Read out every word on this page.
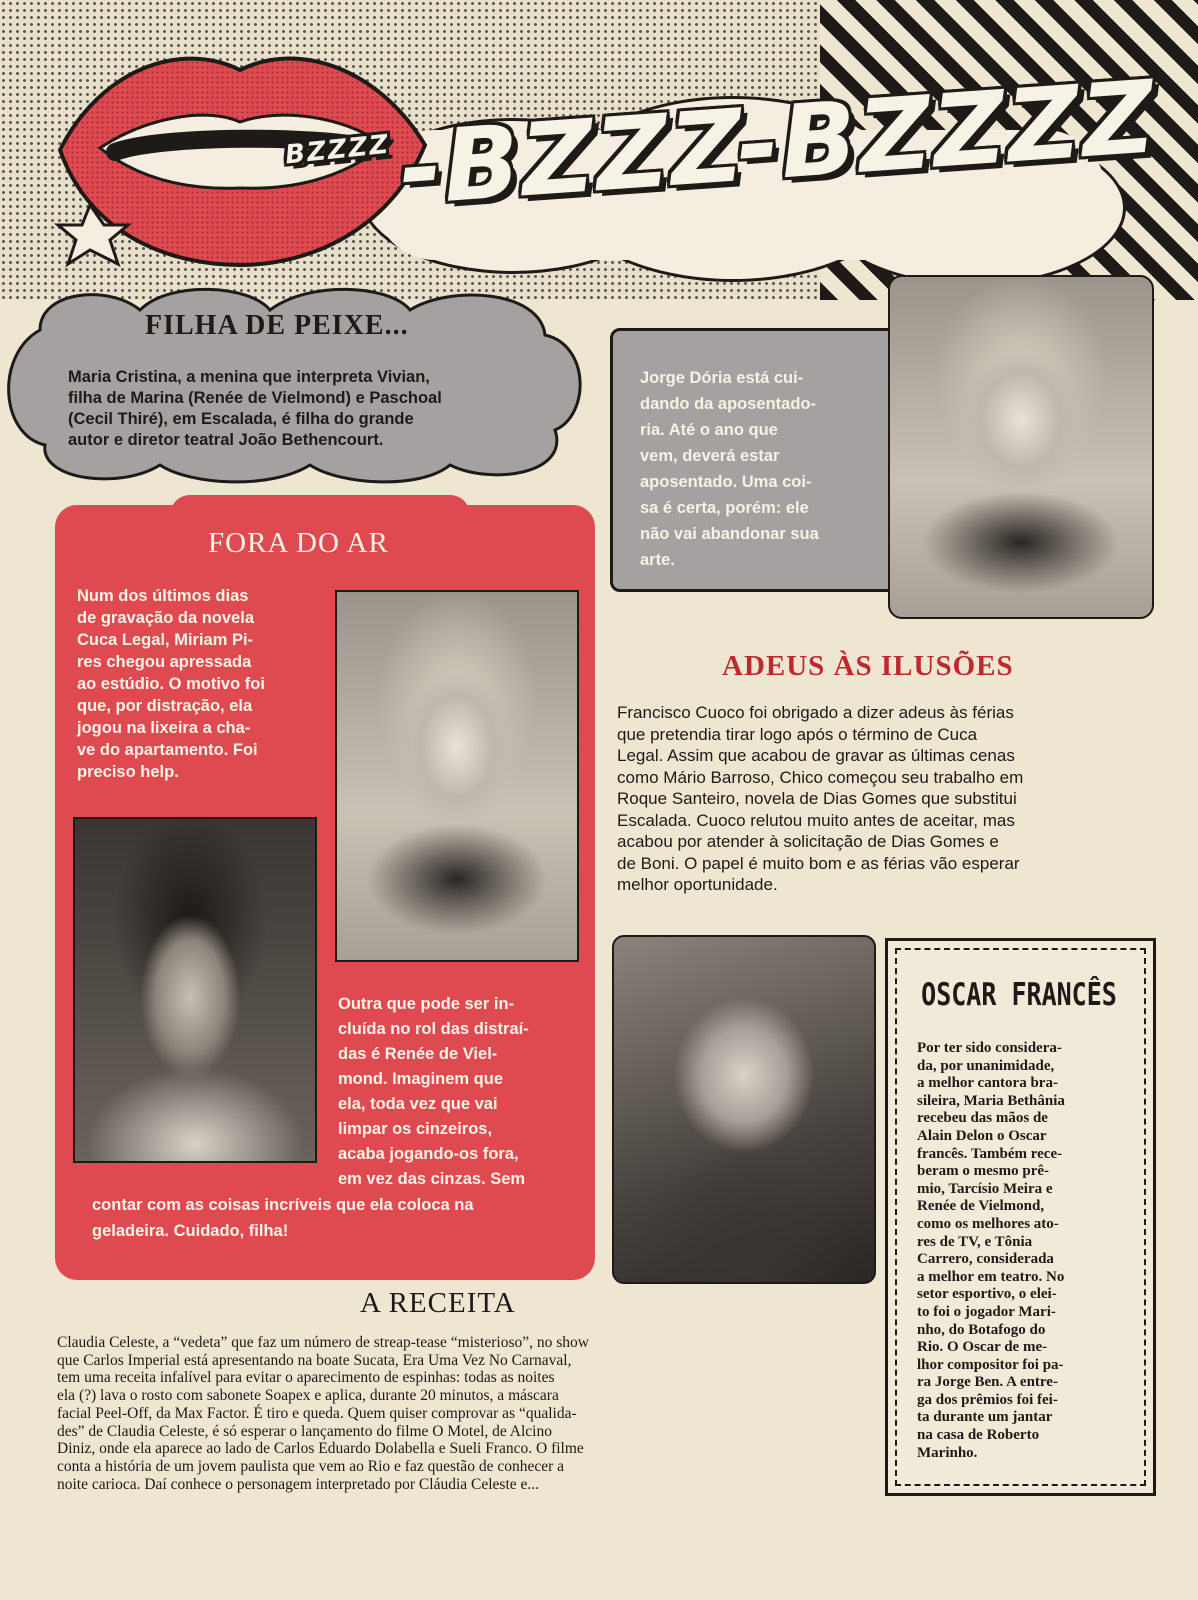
BZZZZ -BZZZ-BZZZZ
FILHA DE PEIXE...
Maria Cristina, a menina que interpreta Vivian,
filha de Marina (Renée de Vielmond) e Paschoal
(Cecil Thiré), em Escalada, é filha do grande
autor e diretor teatral João Bethencourt.
Jorge Dória está cui-
dando da aposentado-
ria. Até o ano que
vem, deverá estar
aposentado. Uma coi-
sa é certa, porém: ele
não vai abandonar sua
arte.
FORA DO AR
Num dos últimos dias
de gravação da novela
Cuca Legal, Miriam Pi-
res chegou apressada
ao estúdio. O motivo foi
que, por distração, ela
jogou na lixeira a cha-
ve do apartamento. Foi
preciso help.
Outra que pode ser in-
cluída no rol das distraí-
das é Renée de Viel-
mond. Imaginem que
ela, toda vez que vai
limpar os cinzeiros,
acaba jogando-os fora,
em vez das cinzas. Sem
contar com as coisas incríveis que ela coloca na
geladeira. Cuidado, filha!
ADEUS ÀS ILUSÕES
Francisco Cuoco foi obrigado a dizer adeus às férias
que pretendia tirar logo após o término de Cuca
Legal. Assim que acabou de gravar as últimas cenas
como Mário Barroso, Chico começou seu trabalho em
Roque Santeiro, novela de Dias Gomes que substitui
Escalada. Cuoco relutou muito antes de aceitar, mas
acabou por atender à solicitação de Dias Gomes e
de Boni. O papel é muito bom e as férias vão esperar
melhor oportunidade.
OSCAR FRANCÊS
Por ter sido considera-
da, por unanimidade,
a melhor cantora bra-
sileira, Maria Bethânia
recebeu das mãos de
Alain Delon o Oscar
francês. Também rece-
beram o mesmo prê-
mio, Tarcísio Meira e
Renée de Vielmond,
como os melhores ato-
res de TV, e Tônia
Carrero, considerada
a melhor em teatro. No
setor esportivo, o elei-
to foi o jogador Mari-
nho, do Botafogo do
Rio. O Oscar de me-
lhor compositor foi pa-
ra Jorge Ben. A entre-
ga dos prêmios foi fei-
ta durante um jantar
na casa de Roberto
Marinho.
A RECEITA
Claudia Celeste, a “vedeta” que faz um número de streap-tease “misterioso”, no show
que Carlos Imperial está apresentando na boate Sucata, Era Uma Vez No Carnaval,
tem uma receita infalível para evitar o aparecimento de espinhas: todas as noites
ela (?) lava o rosto com sabonete Soapex e aplica, durante 20 minutos, a máscara
facial Peel-Off, da Max Factor. É tiro e queda. Quem quiser comprovar as “qualida-
des” de Claudia Celeste, é só esperar o lançamento do filme O Motel, de Alcino
Diniz, onde ela aparece ao lado de Carlos Eduardo Dolabella e Sueli Franco. O filme
conta a história de um jovem paulista que vem ao Rio e faz questão de conhecer a
noite carioca. Daí conhece o personagem interpretado por Cláudia Celeste e...
